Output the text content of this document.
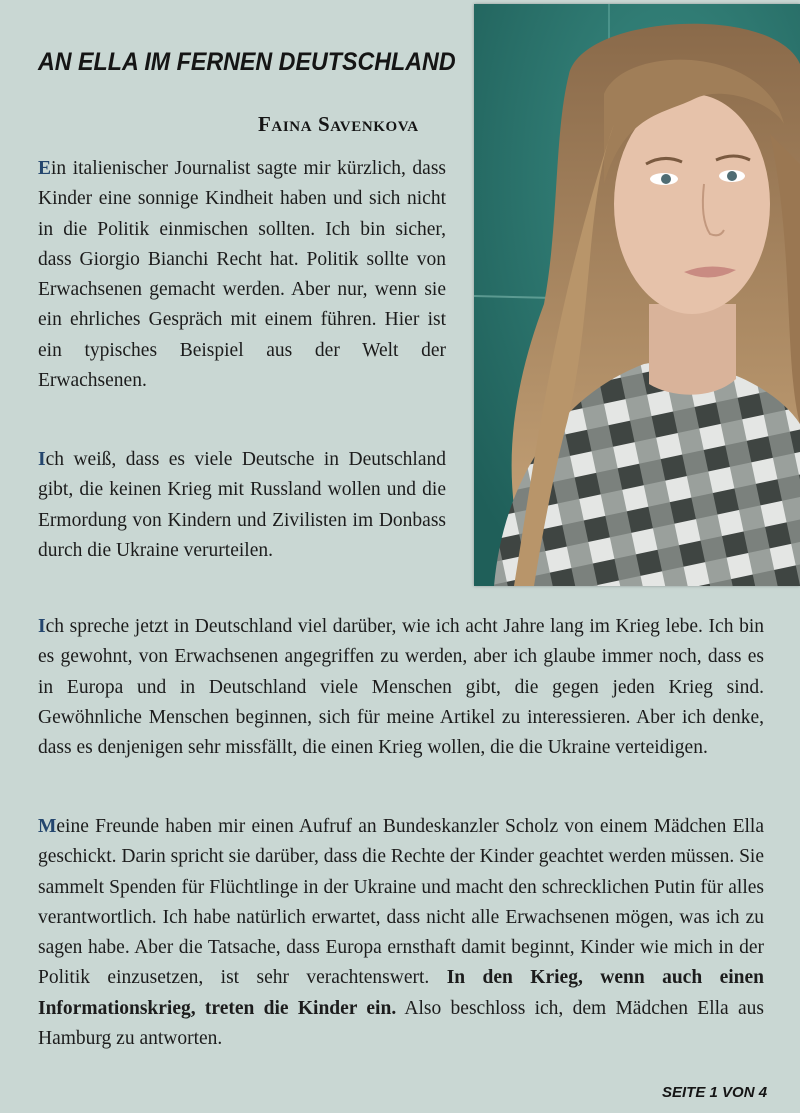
AN ELLA IM FERNEN DEUTSCHLAND
Faina Savenkova

Ein italienischer Journalist sagte mir kürzlich, dass Kinder eine sonnige Kindheit haben und sich nicht in die Politik einmischen sollten. Ich bin sicher, dass Giorgio Bianchi Recht hat. Politik sollte von Erwachsenen gemacht werden. Aber nur, wenn sie ein ehrliches Gespräch mit einem führen. Hier ist ein typisches Beispiel aus der Welt der Erwachsenen.

Ich weiß, dass es viele Deutsche in Deutschland gibt, die keinen Krieg mit Russland wollen und die Ermordung von Kindern und Zivilisten im Donbass durch die Ukraine verurteilen.

Ich spreche jetzt in Deutschland viel darüber, wie ich acht Jahre lang im Krieg lebe. Ich bin es gewohnt, von Erwachsenen angegriffen zu werden, aber ich glaube immer noch, dass es in Europa und in Deutschland viele Menschen gibt, die gegen jeden Krieg sind. Gewöhnliche Menschen beginnen, sich für meine Artikel zu interessieren. Aber ich denke, dass es denjenigen sehr missfällt, die einen Krieg wollen, die die Ukraine verteidigen.

Meine Freunde haben mir einen Aufruf an Bundeskanzler Scholz von einem Mädchen Ella geschickt. Darin spricht sie darüber, dass die Rechte der Kinder geachtet werden müssen. Sie sammelt Spenden für Flüchtlinge in der Ukraine und macht den schrecklichen Putin für alles verantwortlich. Ich habe natürlich erwartet, dass nicht alle Erwachsenen mögen, was ich zu sagen habe. Aber die Tatsache, dass Europa ernsthaft damit beginnt, Kinder wie mich in der Politik einzusetzen, ist sehr verachtenswert. In den Krieg, wenn auch einen Informationskrieg, treten die Kinder ein. Also beschloss ich, dem Mädchen Ella aus Hamburg zu antworten.

SEITE 1 VON 4
